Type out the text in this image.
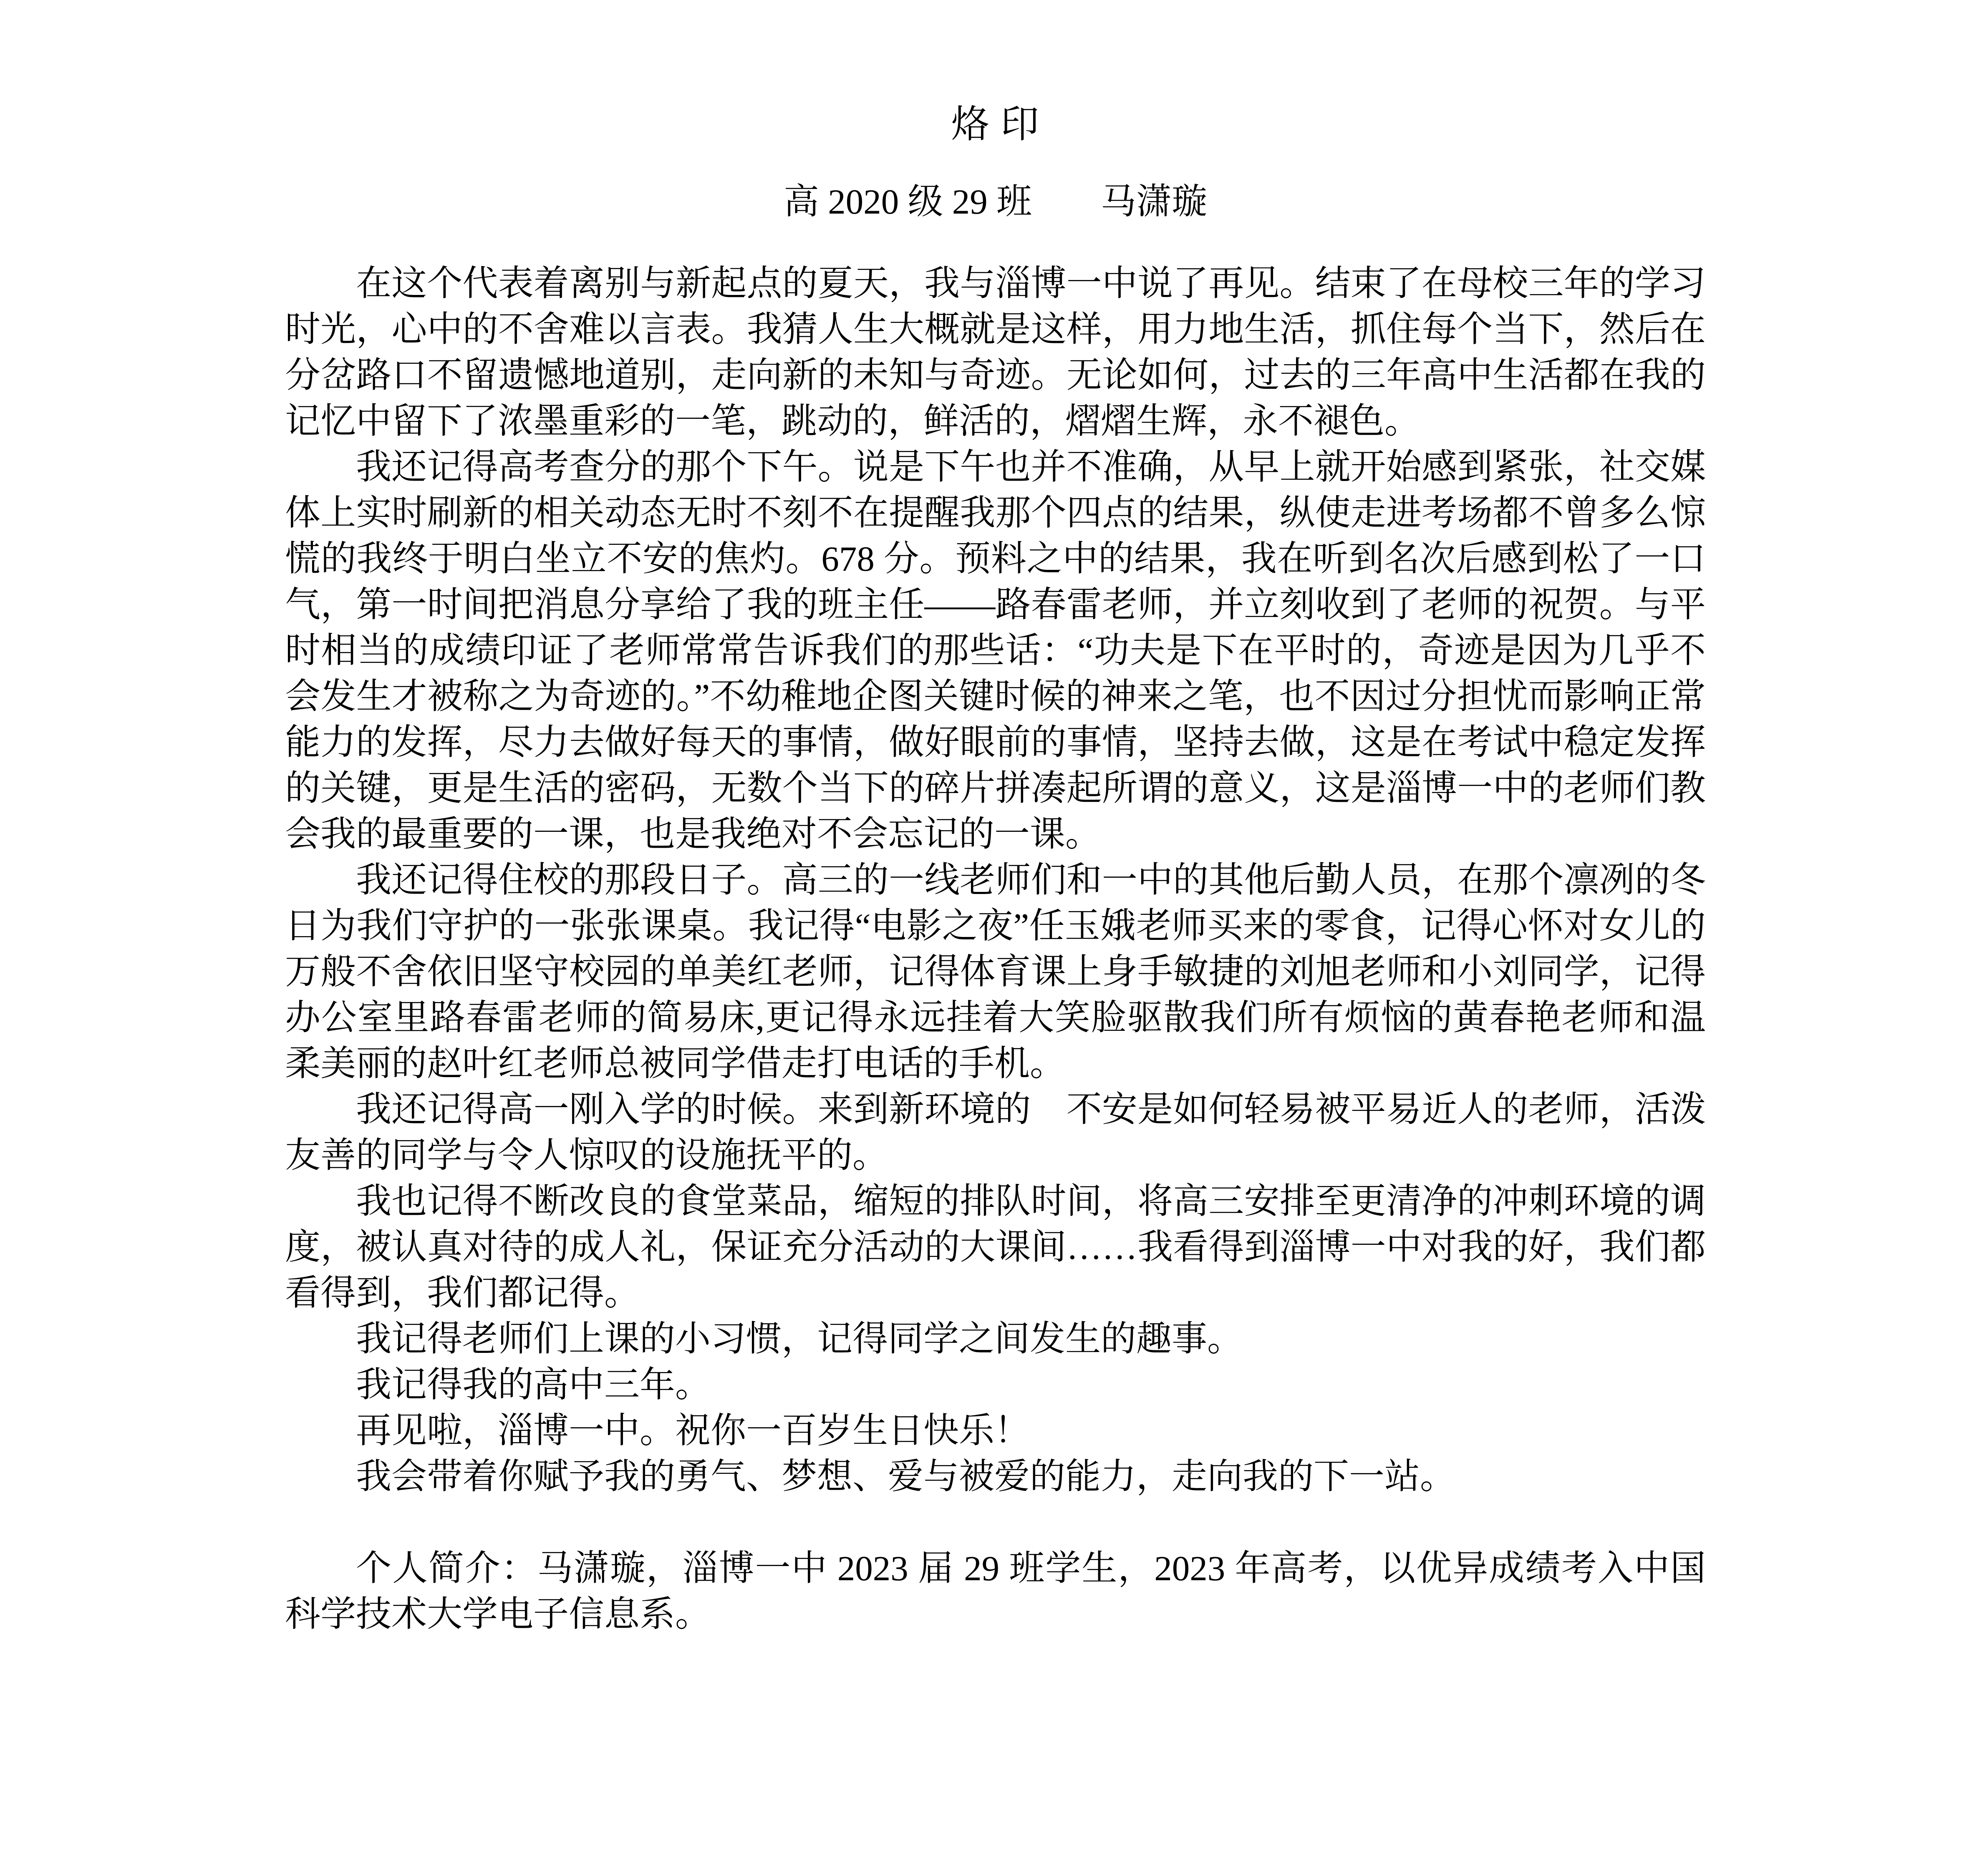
烙 印
高 2020 级 29 班 马潇璇

在这个代表着离别与新起点的夏天，我与淄博一中说了再见。结束了在母校三年的学习时光，心中的不舍难以言表。我猜人生大概就是这样，用力地生活，抓住每个当下，然后在分岔路口不留遗憾地道别，走向新的未知与奇迹。无论如何，过去的三年高中生活都在我的记忆中留下了浓墨重彩的一笔，跳动的，鲜活的，熠熠生辉，永不褪色。

我还记得高考查分的那个下午。说是下午也并不准确，从早上就开始感到紧张，社交媒体上实时刷新的相关动态无时不刻不在提醒我那个四点的结果，纵使走进考场都不曾多么惊慌的我终于明白坐立不安的焦灼。678 分。预料之中的结果，我在听到名次后感到松了一口气，第一时间把消息分享给了我的班主任——路春雷老师，并立刻收到了老师的祝贺。与平时相当的成绩印证了老师常常告诉我们的那些话：“功夫是下在平时的，奇迹是因为几乎不会发生才被称之为奇迹的。”不幼稚地企图关键时候的神来之笔，也不因过分担忧而影响正常能力的发挥，尽力去做好每天的事情，做好眼前的事情，坚持去做，这是在考试中稳定发挥的关键，更是生活的密码，无数个当下的碎片拼凑起所谓的意义，这是淄博一中的老师们教会我的最重要的一课，也是我绝对不会忘记的一课。

我还记得住校的那段日子。高三的一线老师们和一中的其他后勤人员，在那个凛冽的冬日为我们守护的一张张课桌。我记得“电影之夜”任玉娥老师买来的零食，记得心怀对女儿的万般不舍依旧坚守校园的单美红老师，记得体育课上身手敏捷的刘旭老师和小刘同学，记得办公室里路春雷老师的简易床,更记得永远挂着大笑脸驱散我们所有烦恼的黄春艳老师和温柔美丽的赵叶红老师总被同学借走打电话的手机。

我还记得高一刚入学的时候。来到新环境的　不安是如何轻易被平易近人的老师，活泼友善的同学与令人惊叹的设施抚平的。

我也记得不断改良的食堂菜品，缩短的排队时间，将高三安排至更清净的冲刺环境的调度，被认真对待的成人礼，保证充分活动的大课间……我看得到淄博一中对我的好，我们都看得到，我们都记得。

我记得老师们上课的小习惯，记得同学之间发生的趣事。

我记得我的高中三年。

再见啦，淄博一中。祝你一百岁生日快乐！

我会带着你赋予我的勇气、梦想、爱与被爱的能力，走向我的下一站。

个人简介：马潇璇，淄博一中 2023 届 29 班学生，2023 年高考，以优异成绩考入中国科学技术大学电子信息系。
